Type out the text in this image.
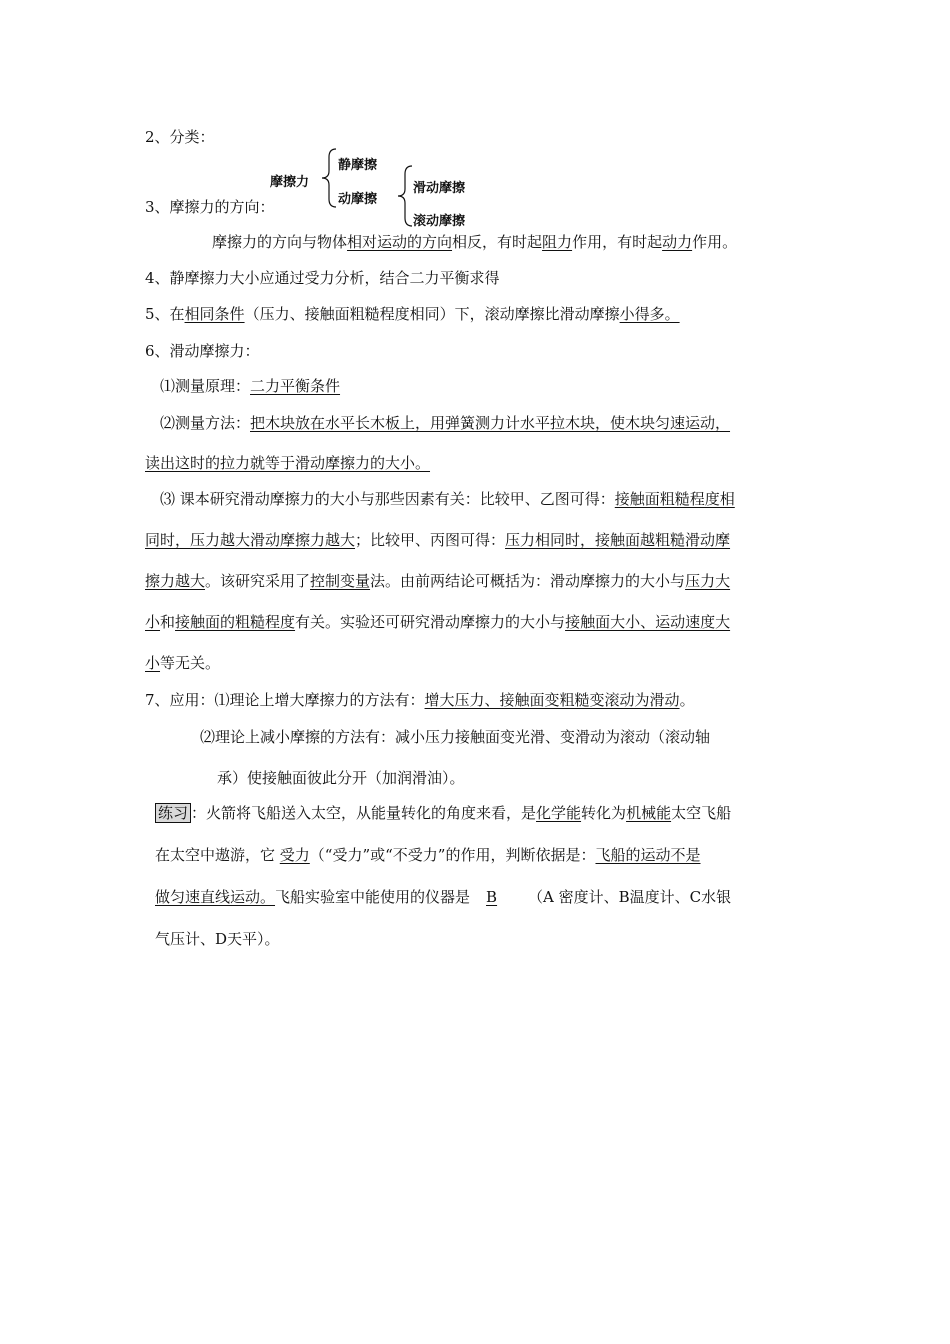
2、分类：
摩擦力
静摩擦
动摩擦
滑动摩擦
滚动摩擦
3、摩擦力的方向：
摩擦力的方向与物体相对运动的方向相反，有时起阻力作用，有时起动力作用。
4、静摩擦力大小应通过受力分析，结合二力平衡求得
5、在相同条件（压力、接触面粗糙程度相同）下，滚动摩擦比滑动摩擦小得多。
6、滑动摩擦力：
⑴测量原理：二力平衡条件
⑵测量方法：把木块放在水平长木板上，用弹簧测力计水平拉木块，使木块匀速运动，
读出这时的拉力就等于滑动摩擦力的大小。
⑶ 课本研究滑动摩擦力的大小与那些因素有关：比较甲、乙图可得：接触面粗糙程度相
同时，压力越大滑动摩擦力越大；比较甲、丙图可得：压力相同时，接触面越粗糙滑动摩
擦力越大。该研究采用了控制变量法。由前两结论可概括为：滑动摩擦力的大小与压力大
小和接触面的粗糙程度有关。实验还可研究滑动摩擦力的大小与接触面大小、运动速度大
小等无关。
7、应用：⑴理论上增大摩擦力的方法有：增大压力、接触面变粗糙变滚动为滑动。
⑵理论上减小摩擦的方法有：减小压力接触面变光滑、变滑动为滚动（滚动轴
承）使接触面彼此分开（加润滑油）。
练习 ：火箭将飞船送入太空，从能量转化的角度来看，是化学能转化为机械能太空飞船
在太空中遨游，它 受力（“受力”或“不受力”的作用，判断依据是：飞船的运动不是
做匀速直线运动。飞船实验室中能使用的仪器是 B （A 密度计、B温度计、C水银
气压计、D天平）。
